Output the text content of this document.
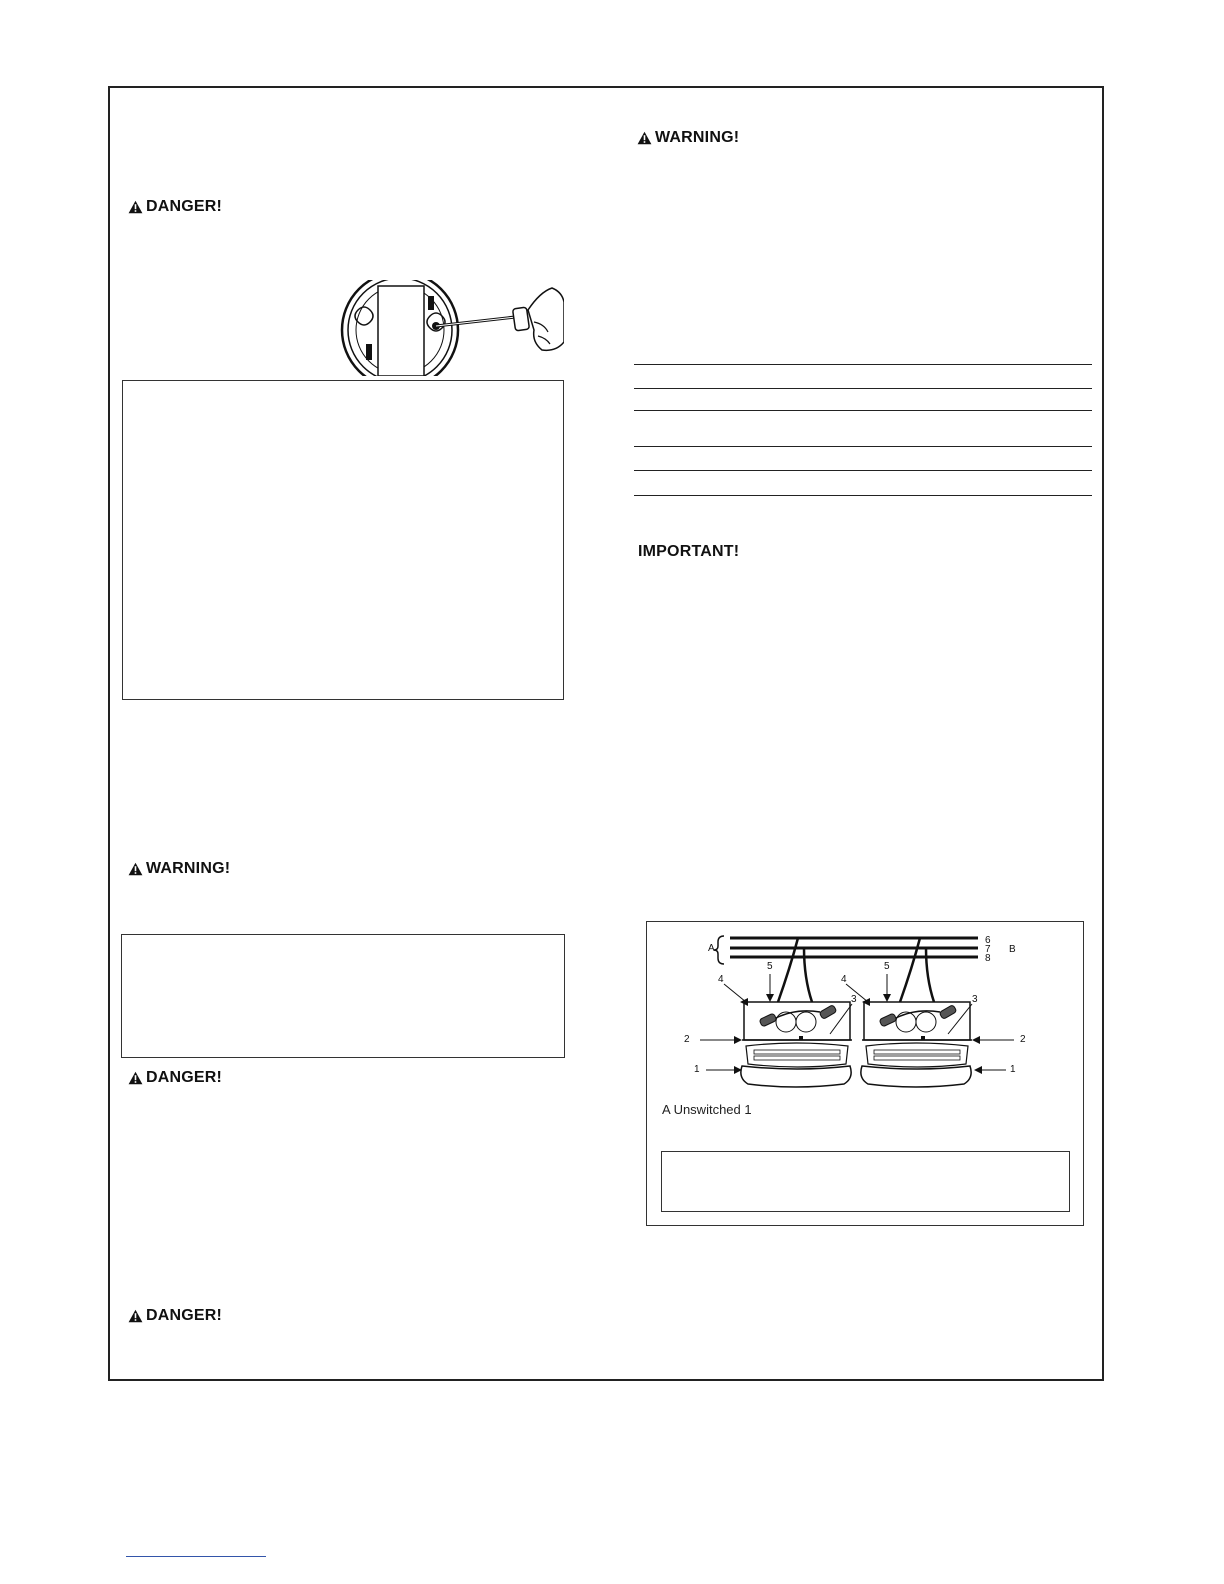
DANGER!
WARNING!
DANGER!
DANGER!
WARNING!
IMPORTANT!
A
6
7
8
B
5	5
4	4
3	3
2	2
1	1
A Unswitched 1
